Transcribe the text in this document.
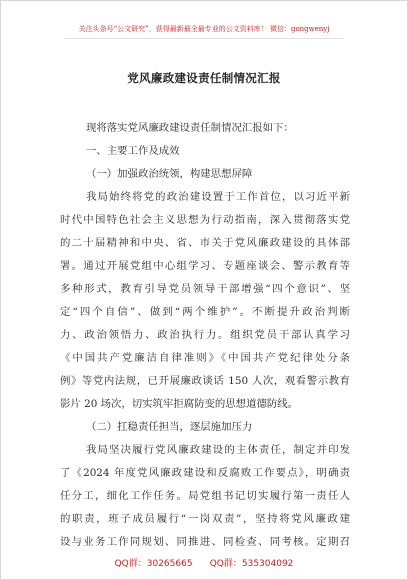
关注头条号“公文研究”，获得最新最全最专业的公文资料库！ 微信：gongwenyj
党风廉政建设责任制情况汇报
现将落实党风廉政建设责任制情况汇报如下：
一、主要工作及成效
（一）加强政治统领，构建思想屏障
我局始终将党的政治建设置于工作首位，以习近平新
时代中国特色社会主义思想为行动指南，深入贯彻落实党
的二十届精神和中央、省、市关于党风廉政建设的具体部
署。通过开展党组中心组学习、专题座谈会、警示教育等
多种形式，教育引导党员领导干部增强“四个意识”、坚
定“四个自信”、做到“两个维护”。不断提升政治判断
力、政治领悟力、政治执行力。组织党员干部认真学习
《中国共产党廉洁自律准则》《中国共产党纪律处分条
例》等党内法规，已开展廉政谈话 150 人次，观看警示教育
影片 20 场次，切实筑牢拒腐防变的思想道德防线。
（二）扛稳责任担当，逐层施加压力
我局坚决履行党风廉政建设的主体责任，制定并印发
了《2024 年度党风廉政建设和反腐败工作要点》，明确责
任分工，细化工作任务。局党组书记切实履行第一责任人
的职责，班子成员履行“一岗双责”，坚持将党风廉政建
设与业务工作同规划、同推进、同检查、同考核。定期召
QQ群：30265665      QQ群：535304092
